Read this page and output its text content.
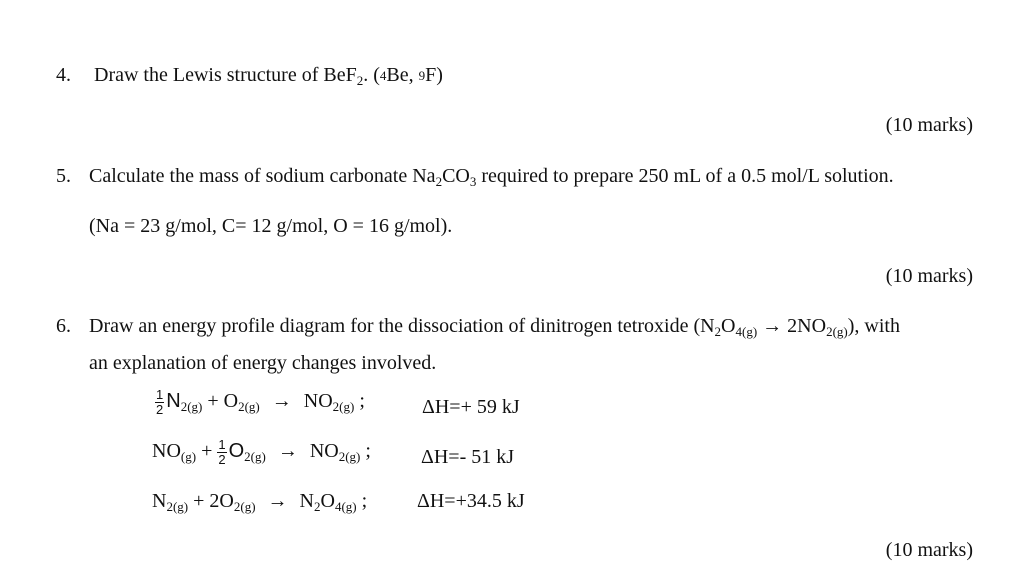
4. Draw the Lewis structure of BeF$_2$. (4Be, 9F)
(10 marks)
5. Calculate the mass of sodium carbonate $Na_2CO_3$ required to prepare 250 mL of a 0.5 mol/L solution.
(Na = 23 g/mol, C= 12 g/mol, O = 16 g/mol).
(10 marks)
6. Draw an energy profile diagram for the dissociation of dinitrogen tetroxide $(N_2O_{4(g)} \to 2NO_{2(g)})$, with
an explanation of energy changes involved.
$\frac{1}{2} N_{2(g)} + O_{2(g)} \to NO_{2(g)}$ ;	ΔH=+ 59 kJ
$NO_{(g)} + \frac{1}{2} O_{2(g)} \to NO_{2(g)}$ ;	ΔH=- 51 kJ
$N_{2(g)} + 2O_{2(g)} \to N_2O_{4(g)}$ ; ΔH=+34.5 kJ
(10 marks)
